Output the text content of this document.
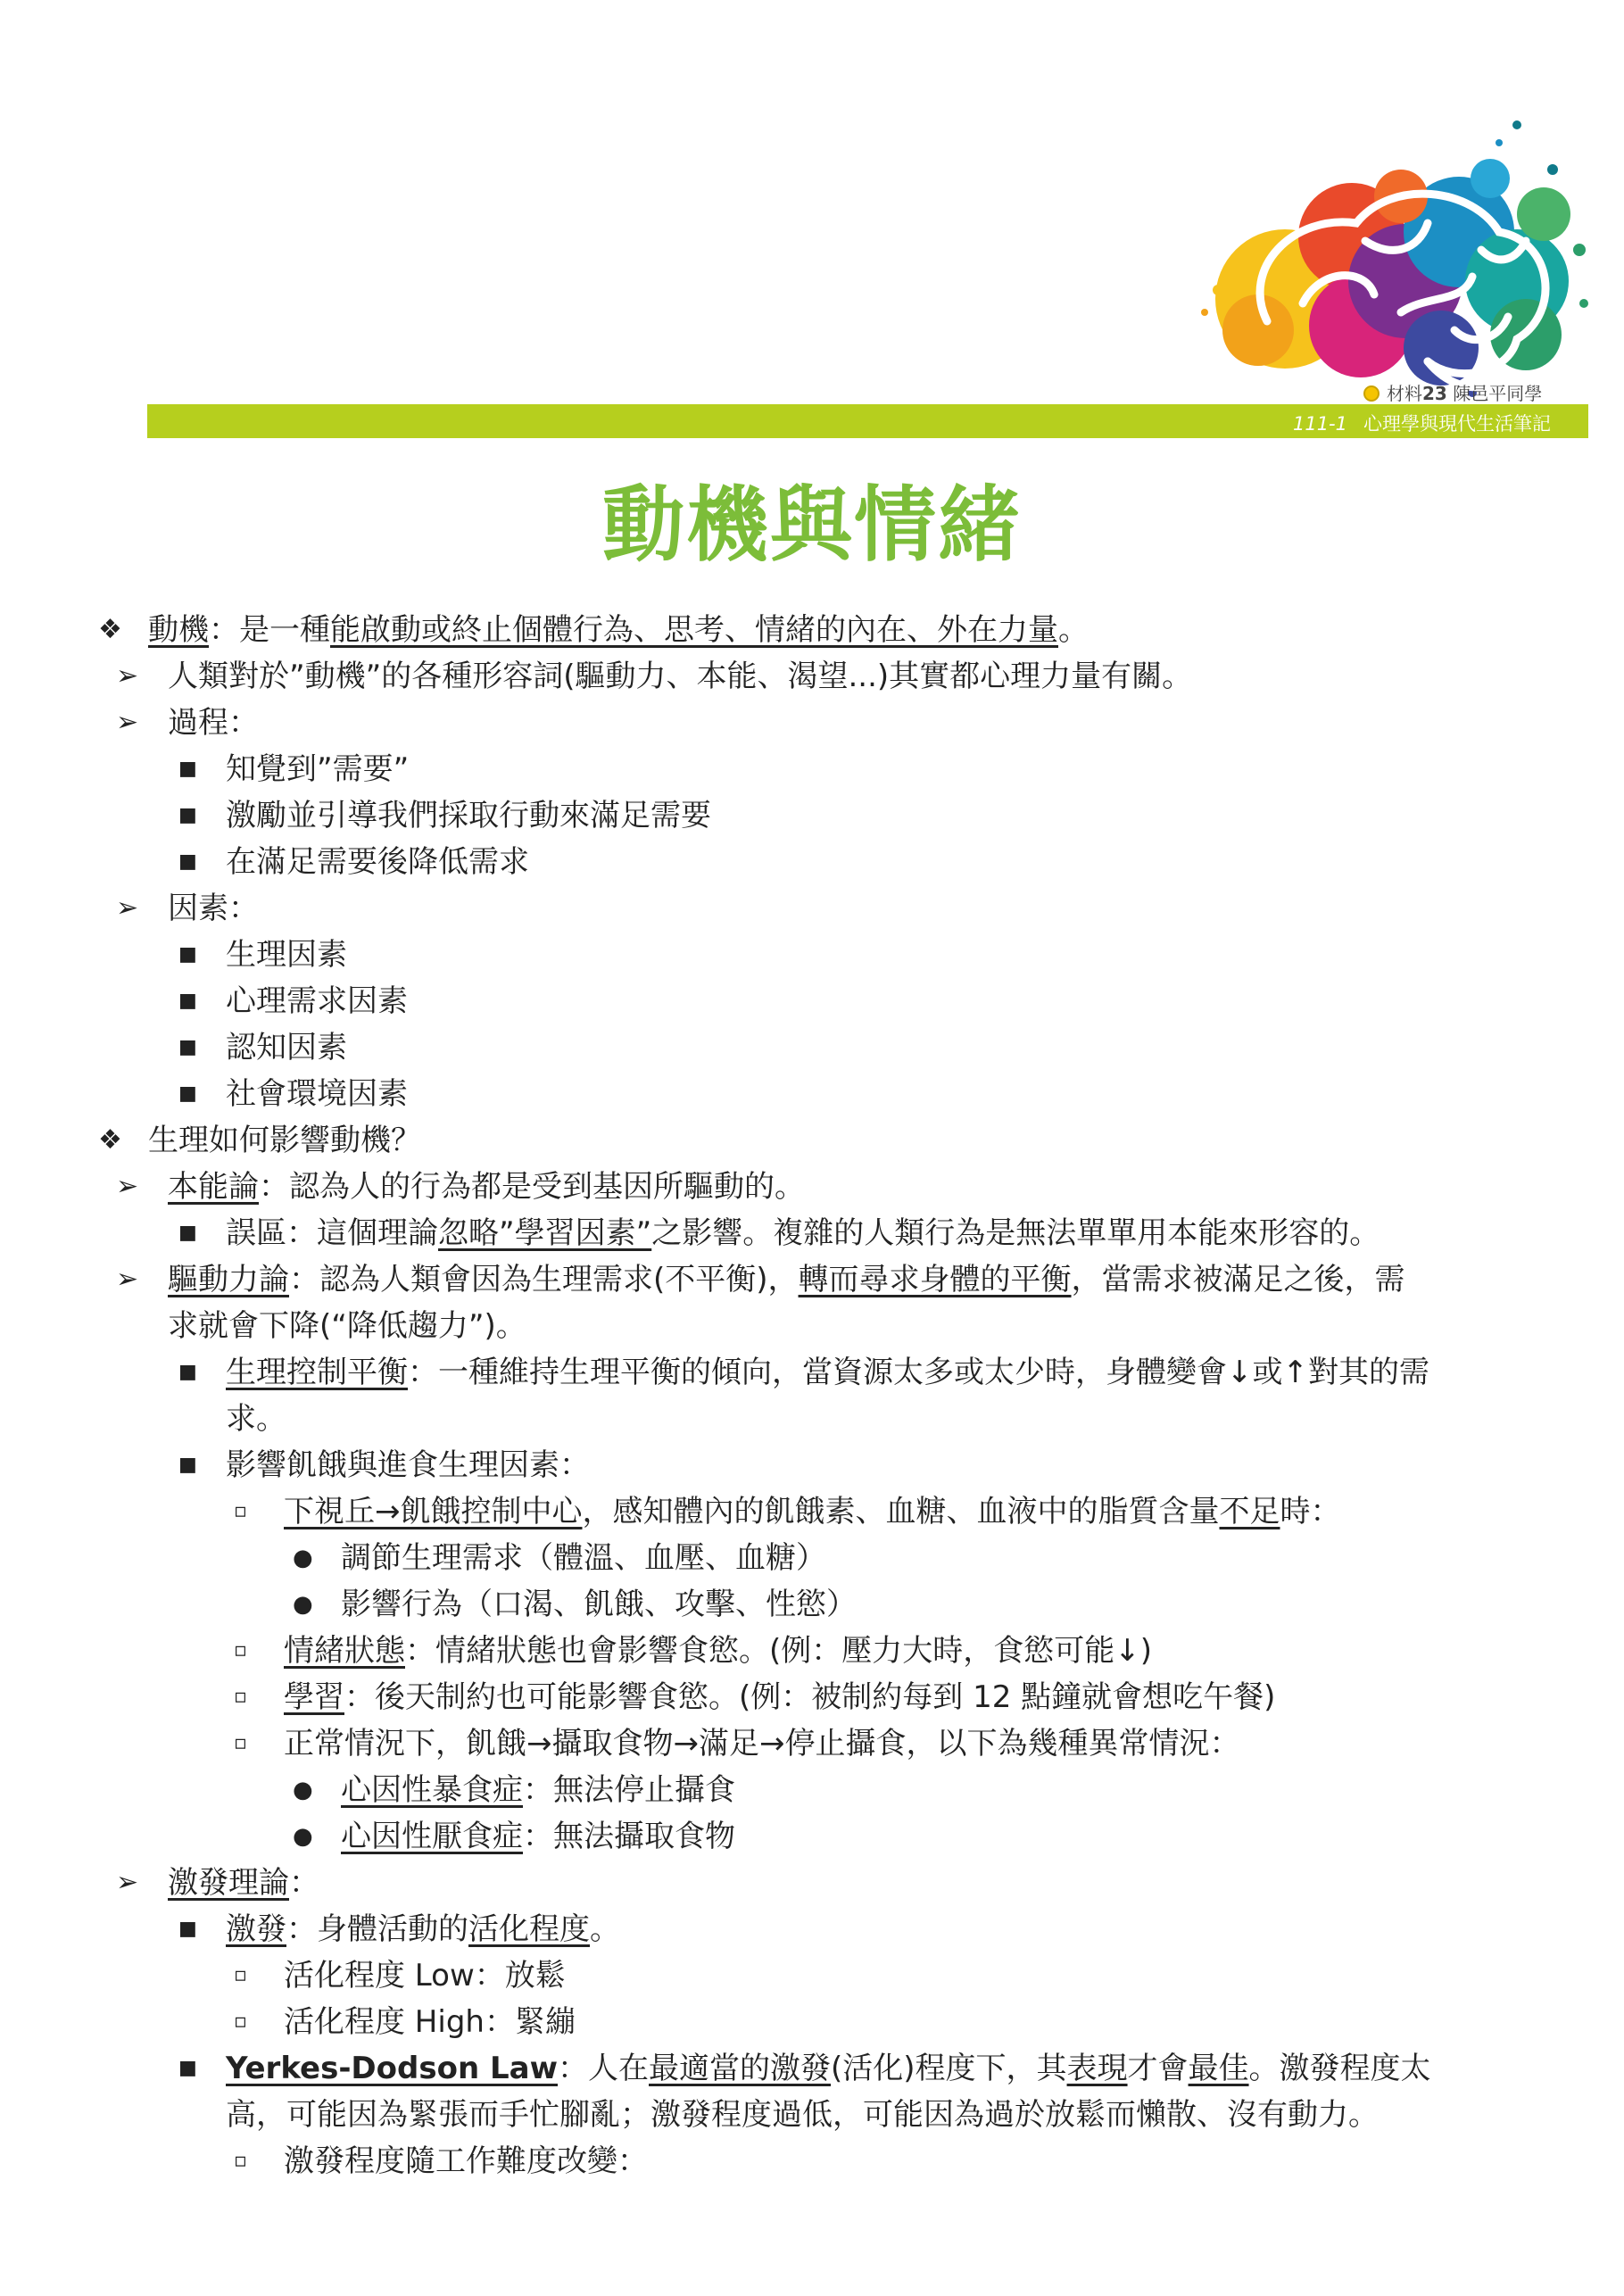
材料23 陳邑平同學
111-1 心理學與現代生活筆記
動機與情緒
❖ 動機：是一種能啟動或終止個體行為、思考、情緒的內在、外在力量。
➢ 人類對於”動機”的各種形容詞(驅動力、本能、渴望...)其實都心理力量有關。
➢ 過程：
■ 知覺到”需要”
■ 激勵並引導我們採取行動來滿足需要
■ 在滿足需要後降低需求
➢ 因素：
■ 生理因素
■ 心理需求因素
■ 認知因素
■ 社會環境因素
❖ 生理如何影響動機？
➢ 本能論：認為人的行為都是受到基因所驅動的。
■ 誤區：這個理論忽略”學習因素”之影響。複雜的人類行為是無法單單用本能來形容的。
➢ 驅動力論：認為人類會因為生理需求(不平衡)，轉而尋求身體的平衡，當需求被滿足之後，需
求就會下降(“降低趨力”)。
■ 生理控制平衡：一種維持生理平衡的傾向，當資源太多或太少時，身體變會↓或↑對其的需
求。
■ 影響飢餓與進食生理因素：
▫ 下視丘→飢餓控制中心，感知體內的飢餓素、血糖、血液中的脂質含量不足時：
● 調節生理需求（體溫、血壓、血糖）
● 影響行為（口渴、飢餓、攻擊、性慾）
▫ 情緒狀態：情緒狀態也會影響食慾。(例：壓力大時，食慾可能↓)
▫ 學習：後天制約也可能影響食慾。(例：被制約每到 12 點鐘就會想吃午餐)
▫ 正常情況下，飢餓→攝取食物→滿足→停止攝食，以下為幾種異常情況：
● 心因性暴食症：無法停止攝食
● 心因性厭食症：無法攝取食物
➢ 激發理論：
■ 激發：身體活動的活化程度。
▫ 活化程度 Low：放鬆
▫ 活化程度 High：緊繃
■ Yerkes-Dodson Law：人在最適當的激發(活化)程度下，其表現才會最佳。激發程度太
高，可能因為緊張而手忙腳亂；激發程度過低，可能因為過於放鬆而懶散、沒有動力。
▫ 激發程度隨工作難度改變：
